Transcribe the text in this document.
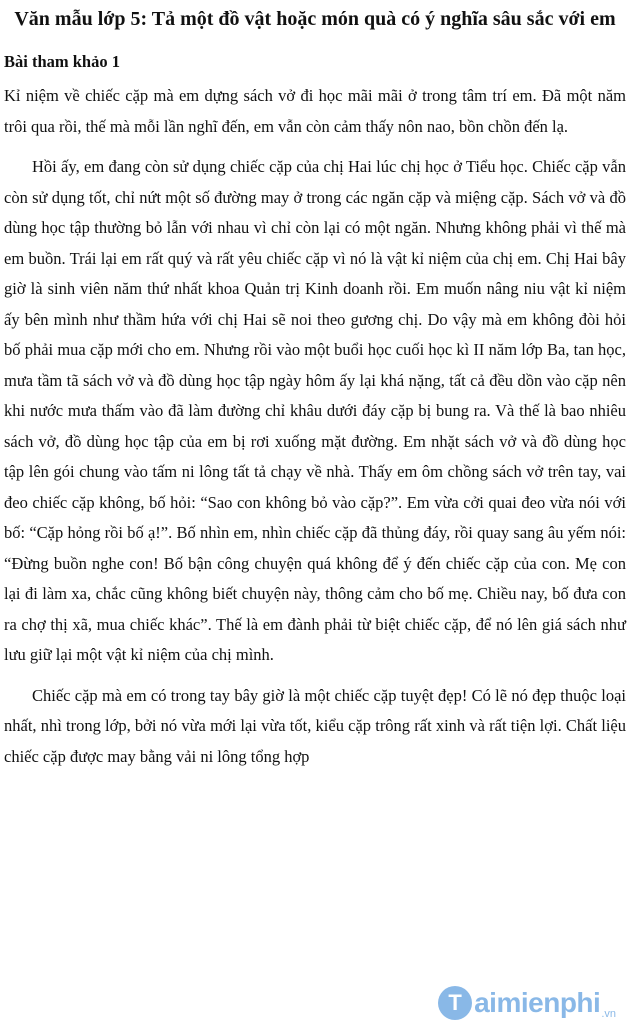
Văn mẫu lớp 5: Tả một đồ vật hoặc món quà có ý nghĩa sâu sắc với em
Bài tham khảo 1

Kỉ niệm về chiếc cặp mà em dựng sách vở đi học mãi mãi ở trong tâm trí em. Đã một năm trôi qua rồi, thế mà mỗi lần nghĩ đến, em vẫn còn cảm thấy nôn nao, bồn chồn đến lạ.

Hồi ấy, em đang còn sử dụng chiếc cặp của chị Hai lúc chị học ở Tiểu học. Chiếc cặp vẫn còn sử dụng tốt, chỉ nứt một số đường may ở trong các ngăn cặp và miệng cặp. Sách vở và đồ dùng học tập thường bỏ lẫn với nhau vì chỉ còn lại có một ngăn. Nhưng không phải vì thế mà em buồn. Trái lại em rất quý và rất yêu chiếc cặp vì nó là vật kỉ niệm của chị em. Chị Hai bây giờ là sinh viên năm thứ nhất khoa Quản trị Kinh doanh rồi. Em muốn nâng niu vật kỉ niệm ấy bên mình như thầm hứa với chị Hai sẽ noi theo gương chị. Do vậy mà em không đòi hỏi bố phải mua cặp mới cho em. Nhưng rồi vào một buổi học cuối học kì II năm lớp Ba, tan học, mưa tầm tã sách vở và đồ dùng học tập ngày hôm ấy lại khá nặng, tất cả đều dồn vào cặp nên khi nước mưa thấm vào đã làm đường chỉ khâu dưới đáy cặp bị bung ra. Và thế là bao nhiêu sách vở, đồ dùng học tập của em bị rơi xuống mặt đường. Em nhặt sách vở và đồ dùng học tập lên gói chung vào tấm ni lông tất tả chạy về nhà. Thấy em ôm chồng sách vở trên tay, vai đeo chiếc cặp không, bố hỏi: “Sao con không bỏ vào cặp?”. Em vừa cởi quai đeo vừa nói với bố: “Cặp hỏng rồi bố ạ!”. Bố nhìn em, nhìn chiếc cặp đã thủng đáy, rồi quay sang âu yếm nói: “Đừng buồn nghe con! Bố bận công chuyện quá không để ý đến chiếc cặp của con. Mẹ con lại đi làm xa, chắc cũng không biết chuyện này, thông cảm cho bố mẹ. Chiều nay, bố đưa con ra chợ thị xã, mua chiếc khác”. Thế là em đành phải từ biệt chiếc cặp, để nó lên giá sách như lưu giữ lại một vật kỉ niệm của chị mình.

Chiếc cặp mà em có trong tay bây giờ là một chiếc cặp tuyệt đẹp! Có lẽ nó đẹp thuộc loại nhất, nhì trong lớp, bởi nó vừa mới lại vừa tốt, kiểu cặp trông rất xinh và rất tiện lợi. Chất liệu chiếc cặp được may bằng vải ni lông tổng hợp

T aimienphi .vn
